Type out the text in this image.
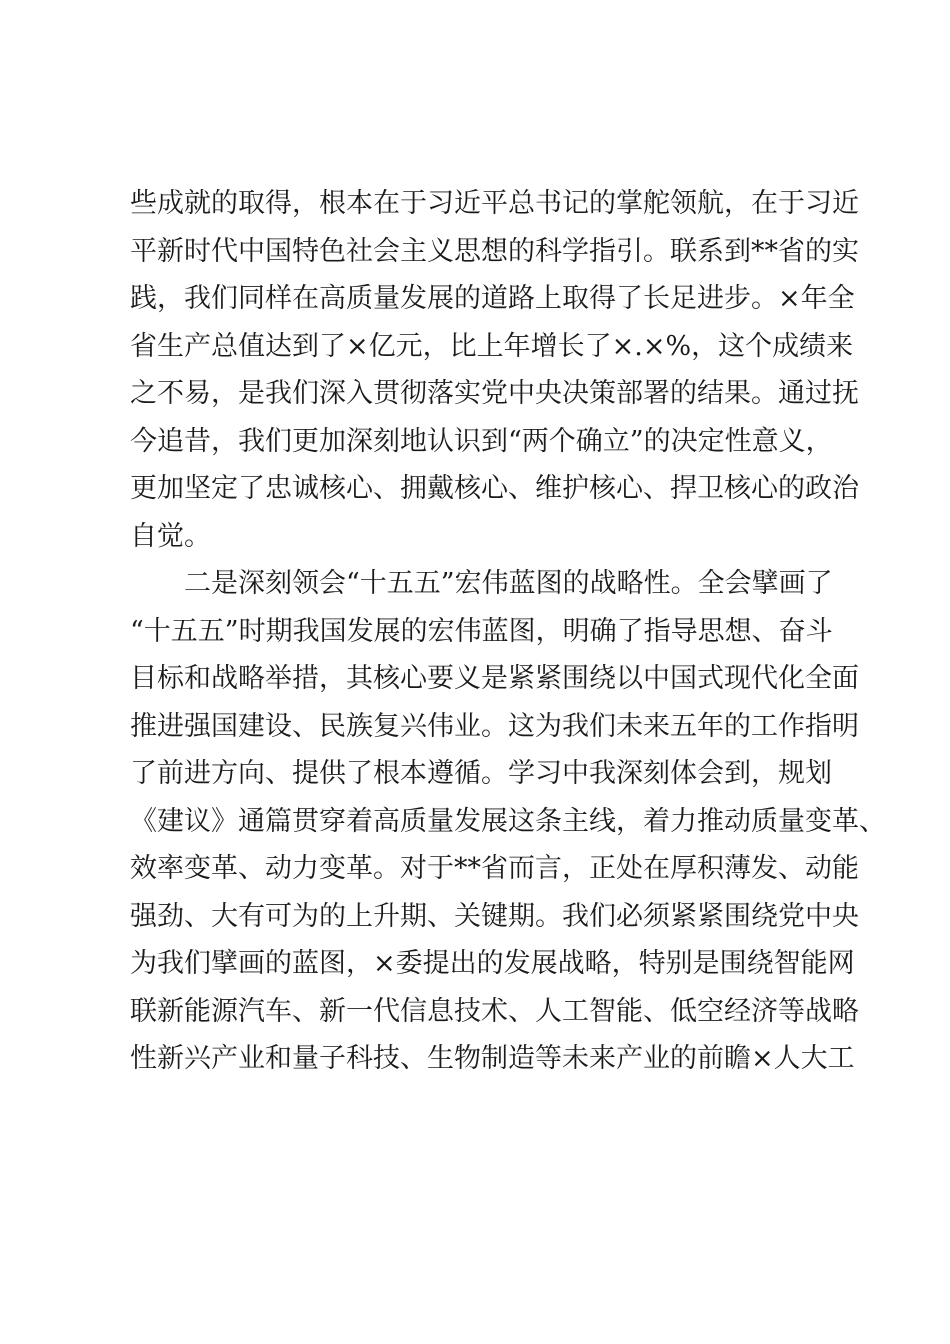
些成就的取得，根本在于习近平总书记的掌舵领航，在于习近
平新时代中国特色社会主义思想的科学指引。联系到**省的实
践，我们同样在高质量发展的道路上取得了长足进步。×年全
省生产总值达到了×亿元，比上年增长了×.×%，这个成绩来
之不易，是我们深入贯彻落实党中央决策部署的结果。通过抚
今追昔，我们更加深刻地认识到“两个确立”的决定性意义，
更加坚定了忠诚核心、拥戴核心、维护核心、捍卫核心的政治
自觉。
　　二是深刻领会“十五五”宏伟蓝图的战略性。全会擘画了
“十五五”时期我国发展的宏伟蓝图，明确了指导思想、奋斗
目标和战略举措，其核心要义是紧紧围绕以中国式现代化全面
推进强国建设、民族复兴伟业。这为我们未来五年的工作指明
了前进方向、提供了根本遵循。学习中我深刻体会到，规划
《建议》通篇贯穿着高质量发展这条主线，着力推动质量变革、
效率变革、动力变革。对于**省而言，正处在厚积薄发、动能
强劲、大有可为的上升期、关键期。我们必须紧紧围绕党中央
为我们擘画的蓝图，×委提出的发展战略，特别是围绕智能网
联新能源汽车、新一代信息技术、人工智能、低空经济等战略
性新兴产业和量子科技、生物制造等未来产业的前瞻×人大工
